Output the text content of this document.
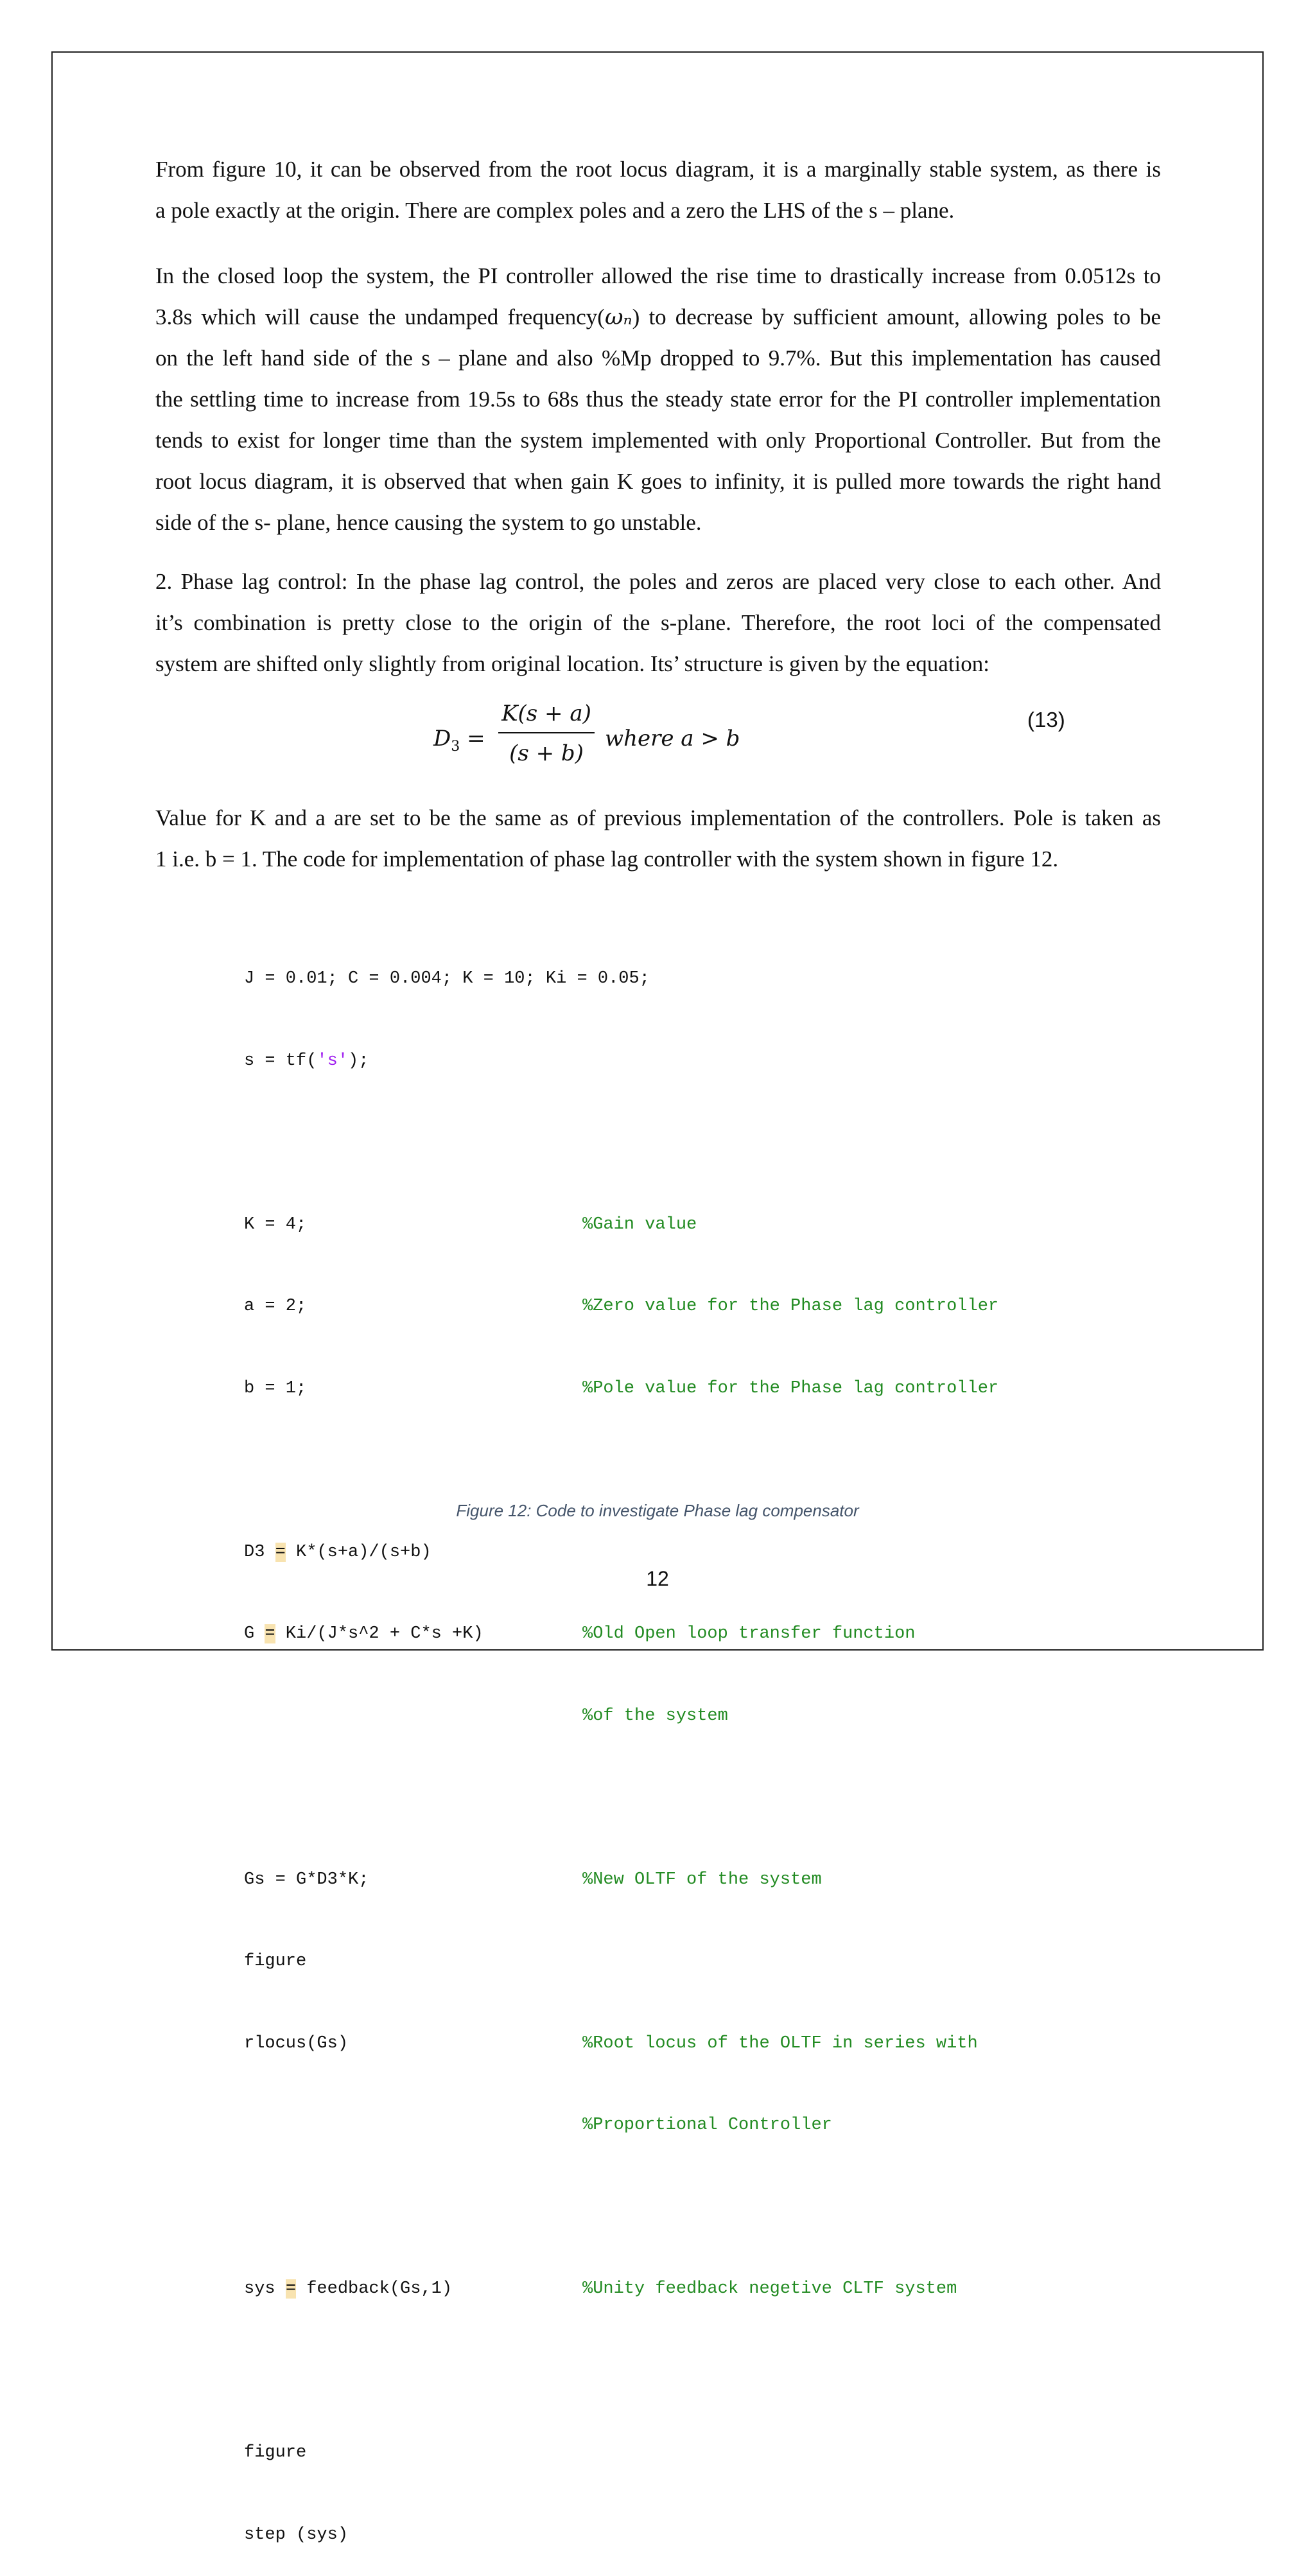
From figure 10, it can be observed from the root locus diagram, it is a marginally stable system, as there is
a pole exactly at the origin. There are complex poles and a zero the LHS of the s – plane.

In the closed loop the system, the PI controller allowed the rise time to drastically increase from 0.0512s to
3.8s which will cause the undamped frequency(ωₙ) to decrease by sufficient amount, allowing poles to be
on the left hand side of the s – plane and also %Mp dropped to 9.7%. But this implementation has caused
the settling time to increase from 19.5s to 68s thus the steady state error for the PI controller implementation
tends to exist for longer time than the system implemented with only Proportional Controller. But from the
root locus diagram, it is observed that when gain K goes to infinity, it is pulled more towards the right hand
side of the s- plane, hence causing the system to go unstable.

2. Phase lag control: In the phase lag control, the poles and zeros are placed very close to each other. And
it’s combination is pretty close to the origin of the s-plane. Therefore, the root loci of the compensated
system are shifted only slightly from original location. Its’ structure is given by the equation:

$D_3$ =
K(s + a)
(s + b)
where a > b
(13)

Value for K and a are set to be the same as of previous implementation of the controllers. Pole is taken as
1 i.e. b = 1. The code for implementation of phase lag controller with the system shown in figure 12.

J = 0.01; C = 0.004; K = 10; Ki = 0.05;

s = tf('s');

K = 4;	%Gain value

a = 2;	%Zero value for the Phase lag controller

b = 1;	%Pole value for the Phase lag controller

D3 = K*(s+a)/(s+b)

G = Ki/(J*s^2 + C*s +K)	%Old Open loop transfer function

%of the system

Gs = G*D3*K;	%New OLTF of the system

figure

rlocus(Gs)	%Root locus of the OLTF in series with

%Proportional Controller

sys = feedback(Gs,1)	%Unity feedback negetive CLTF system

figure

step (sys)

Figure 12: Code to investigate Phase lag compensator
12
